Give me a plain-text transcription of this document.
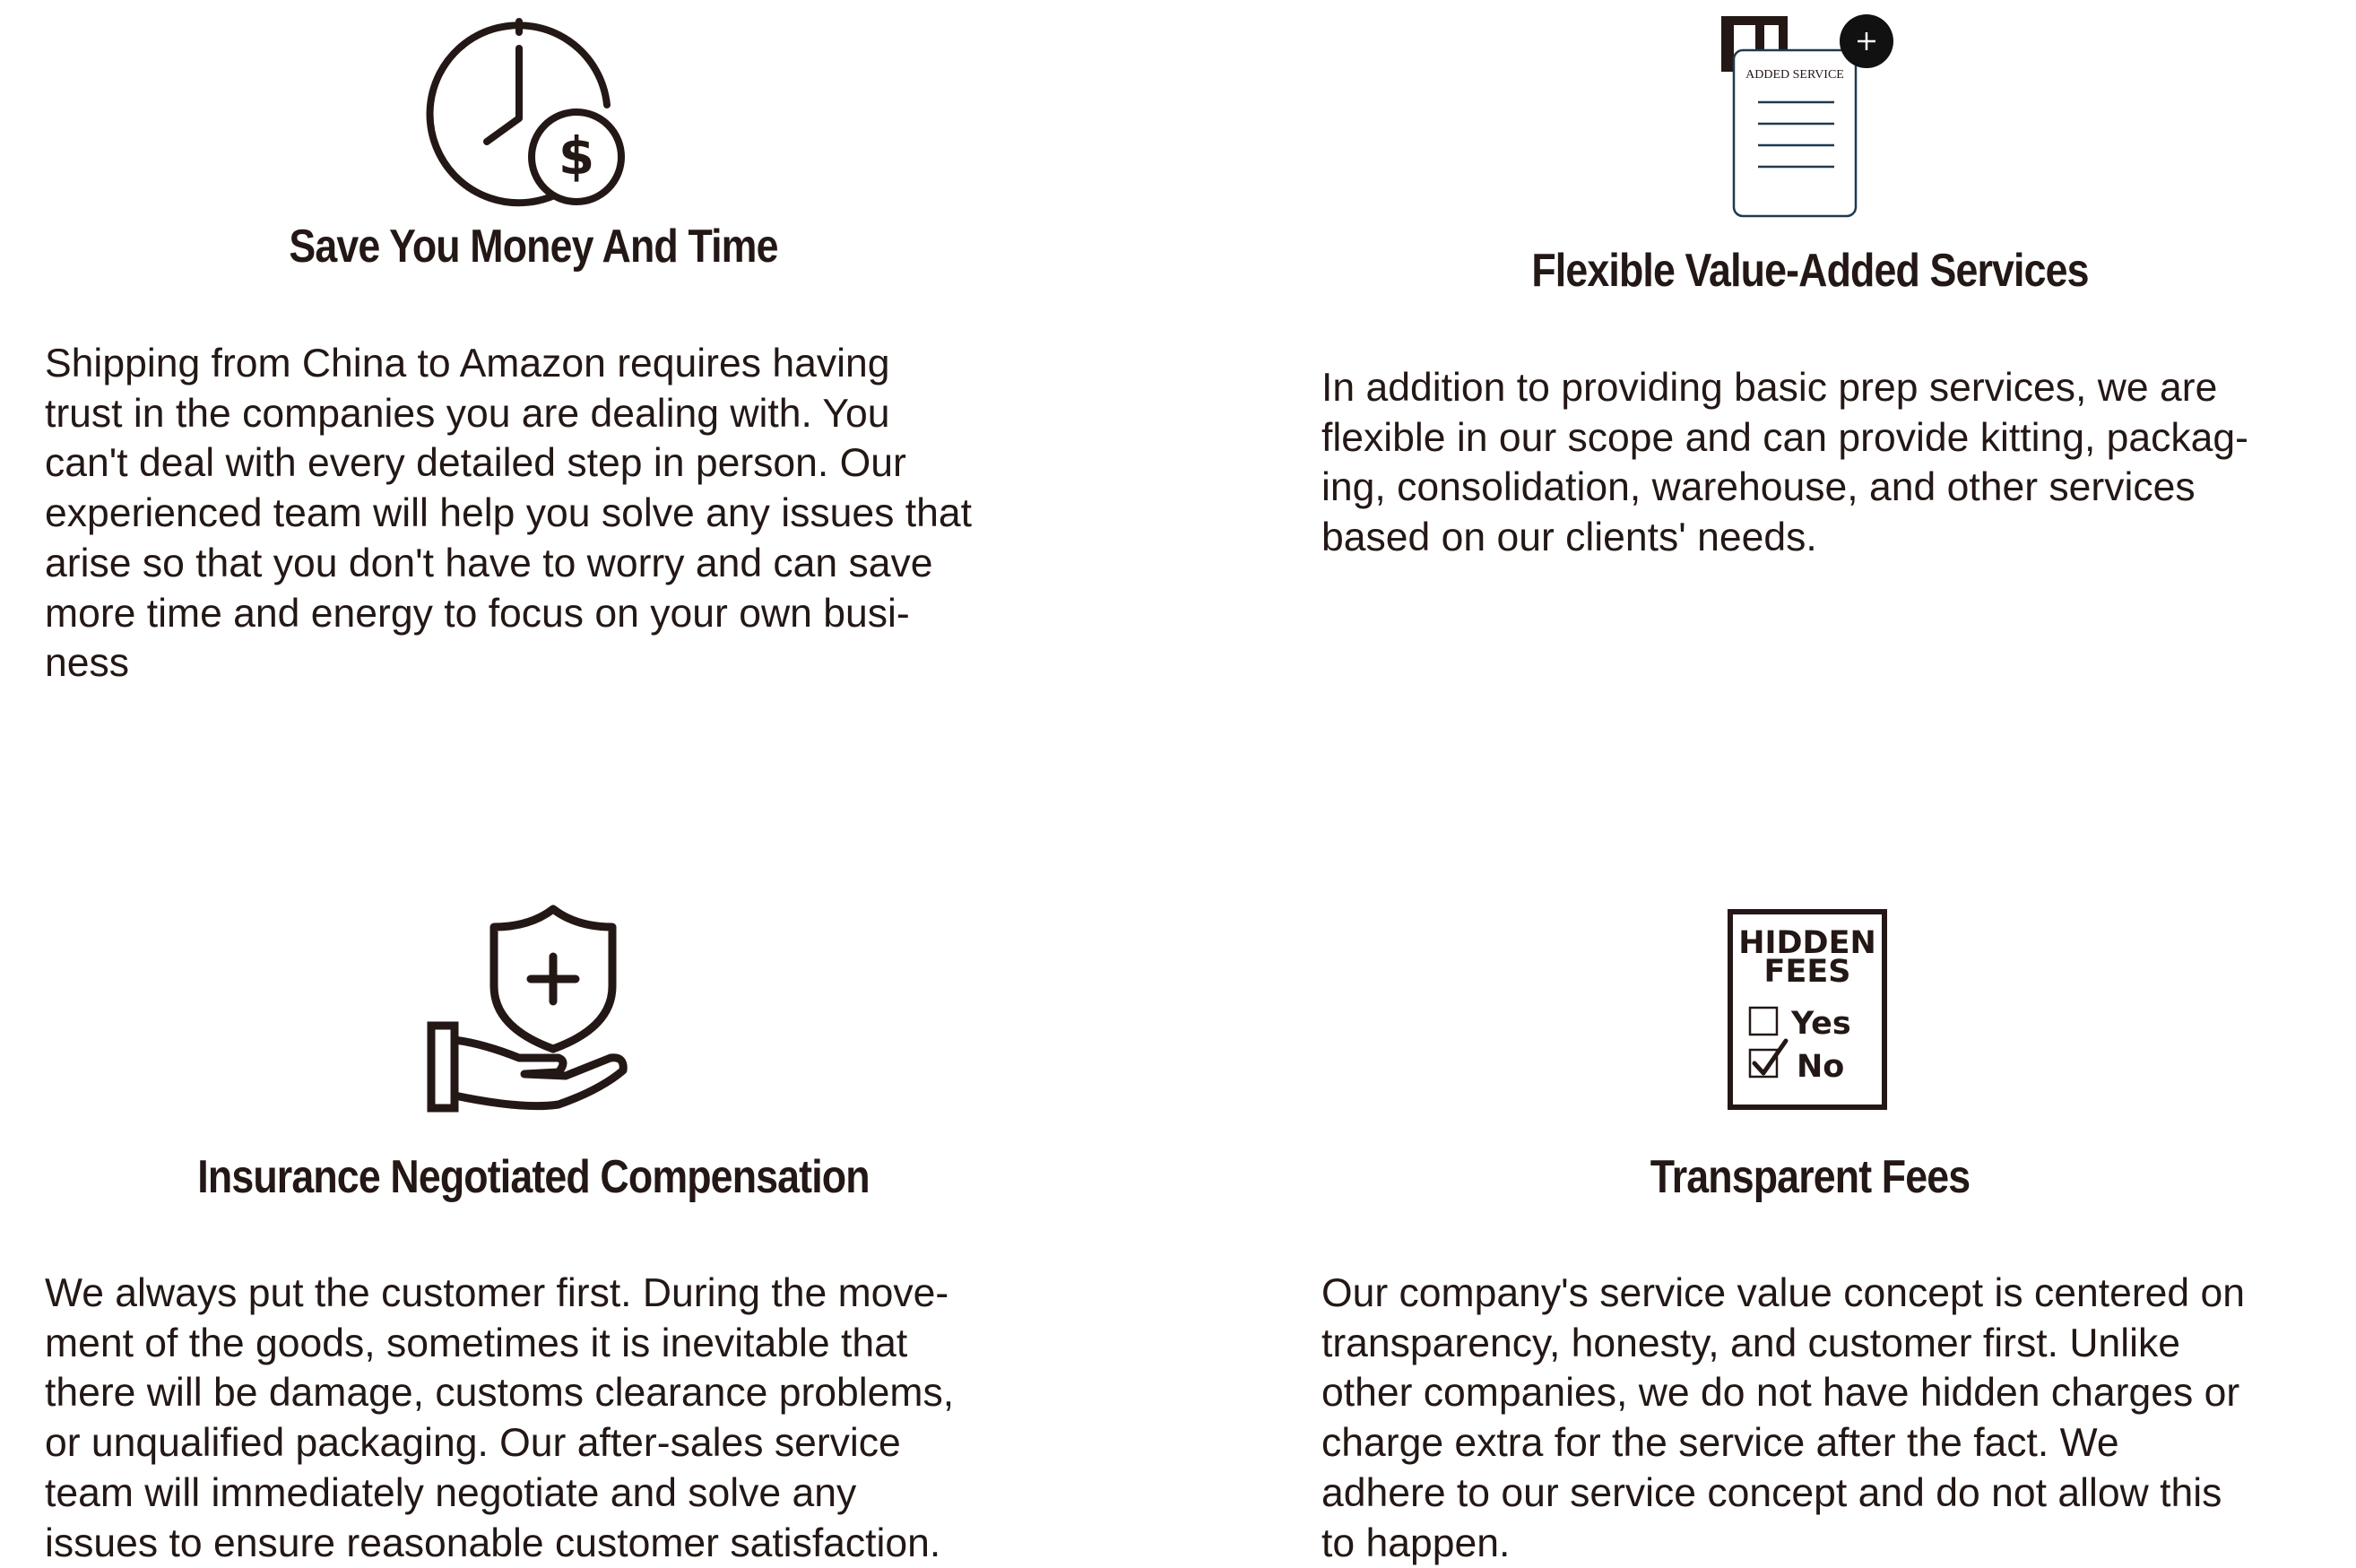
$
Save You Money And Time

Shipping from China to Amazon requires having
trust in the companies you are dealing with. You
can't deal with every detailed step in person. Our
experienced team will help you solve any issues that
arise so that you don't have to worry and can save
more time and energy to focus on your own busi-
ness

ADDED SERVICE
Flexible Value-Added Services

In addition to providing basic prep services, we are
flexible in our scope and can provide kitting, packag-
ing, consolidation, warehouse, and other services
based on our clients' needs.

Insurance Negotiated Compensation

We always put the customer first. During the move-
ment of the goods, sometimes it is inevitable that
there will be damage, customs clearance problems,
or unqualified packaging. Our after-sales service
team will immediately negotiate and solve any
issues to ensure reasonable customer satisfaction.

HIDDEN
FEES
Yes
No
Transparent Fees

Our company's service value concept is centered on
transparency, honesty, and customer first. Unlike
other companies, we do not have hidden charges or
charge extra for the service after the fact. We
adhere to our service concept and do not allow this
to happen.
